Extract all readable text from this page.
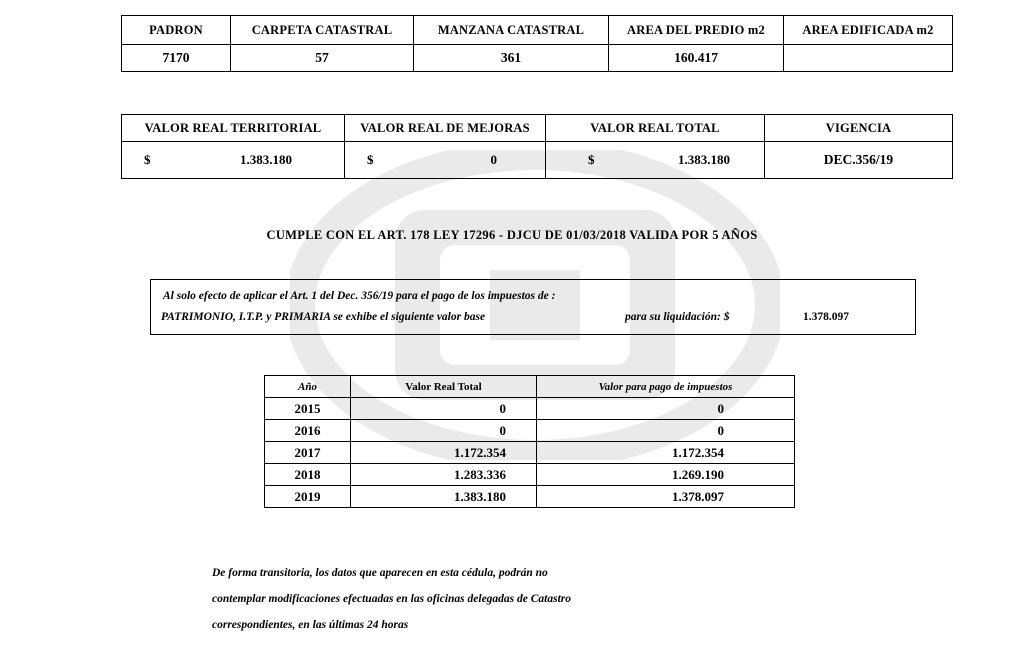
PADRON	CARPETA CATASTRAL	MANZANA CATASTRAL	AREA DEL PREDIO m2	AREA EDIFICADA m2
7170	57	361	160.417	
VALOR REAL TERRITORIAL	VALOR REAL DE MEJORAS	VALOR REAL TOTAL	VIGENCIA

$ 1.383.180	$ 0	$ 1.383.180	DEC.356/19
CUMPLE CON EL ART. 178 LEY 17296 - DJCU DE 01/03/2018 VALIDA POR 5 AÑOS
Al solo efecto de aplicar el Art. 1 del Dec. 356/19 para el pago de los impuestos de :
PATRIMONIO, I.T.P. y PRIMARIA se exhibe el siguiente valor base	para su liquidación: $	1.378.097
Año	Valor Real Total	Valor para pago de impuestos
2015	0	0
2016	0	0
2017	1.172.354	1.172.354
2018	1.283.336	1.269.190
2019	1.383.180	1.378.097
De forma transitoria, los datos que aparecen en esta cédula, podrán no
contemplar modificaciones efectuadas en las oficinas delegadas de Catastro
correspondientes, en las últimas 24 horas
